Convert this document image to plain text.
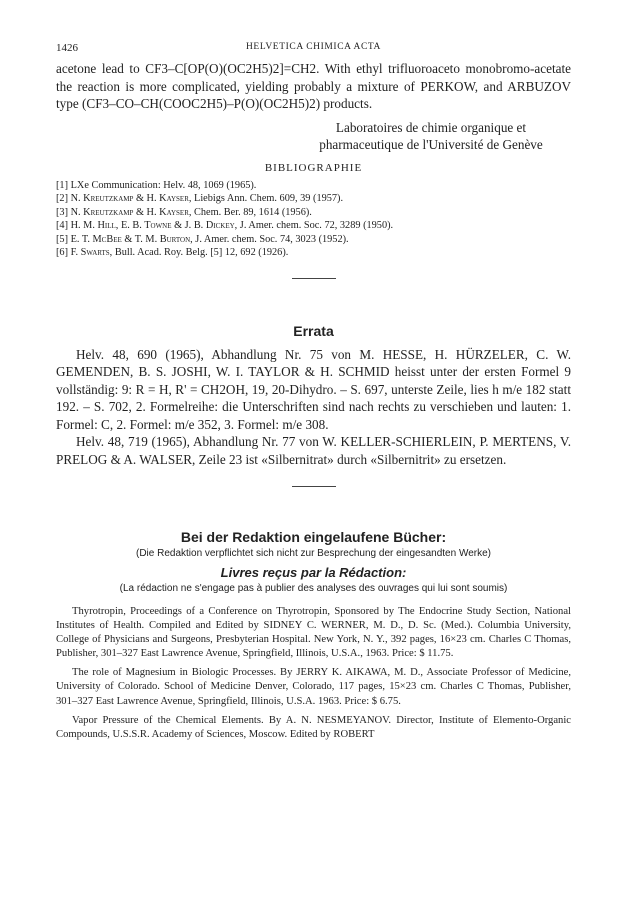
1426	HELVETICA CHIMICA ACTA

acetone lead to CF3–C[OP(O)(OC2H5)2]=CH2. With ethyl trifluoroaceto monobromo-acetate the reaction is more complicated, yielding probably a mixture of PERKOW, and ARBUZOV type (CF3–CO–CH(COOC2H5)–P(O)(OC2H5)2) products.

Laboratoires de chimie organique et
pharmaceutique de l'Université de Genève
BIBLIOGRAPHIE
[1] LXe Communication: Helv. 48, 1069 (1965).
[2] N. Kreutzkamp & H. Kayser, Liebigs Ann. Chem. 609, 39 (1957).
[3] N. Kreutzkamp & H. Kayser, Chem. Ber. 89, 1614 (1956).
[4] H. M. Hill, E. B. Towne & J. B. Dickey, J. Amer. chem. Soc. 72, 3289 (1950).
[5] E. T. McBee & T. M. Burton, J. Amer. chem. Soc. 74, 3023 (1952).
[6] F. Swarts, Bull. Acad. Roy. Belg. [5] 12, 692 (1926).
Errata

Helv. 48, 690 (1965), Abhandlung Nr. 75 von M. HESSE, H. HÜRZELER, C. W. GEMENDEN, B. S. JOSHI, W. I. TAYLOR & H. SCHMID heisst unter der ersten Formel 9 vollständig: 9: R = H, R' = CH2OH, 19, 20-Dihydro. – S. 697, unterste Zeile, lies h m/e 182 statt 192. – S. 702, 2. Formelreihe: die Unterschriften sind nach rechts zu verschieben und lauten: 1. Formel: C, 2. Formel: m/e 352, 3. Formel: m/e 308.

Helv. 48, 719 (1965), Abhandlung Nr. 77 von W. KELLER-SCHIERLEIN, P. MERTENS, V. PRELOG & A. WALSER, Zeile 23 ist «Silbernitrat» durch «Silbernitrit» zu ersetzen.

Bei der Redaktion eingelaufene Bücher:
(Die Redaktion verpflichtet sich nicht zur Besprechung der eingesandten Werke)
Livres reçus par la Rédaction:
(La rédaction ne s'engage pas à publier des analyses des ouvrages qui lui sont soumis)

Thyrotropin, Proceedings of a Conference on Thyrotropin, Sponsored by The Endocrine Study Section, National Institutes of Health. Compiled and Edited by SIDNEY C. WERNER, M. D., D. Sc. (Med.). Columbia University, College of Physicians and Surgeons, Presbyterian Hospital. New York, N. Y., 392 pages, 16×23 cm. Charles C Thomas, Publisher, 301–327 East Lawrence Avenue, Springfield, Illinois, U.S.A., 1963. Price: $ 11.75.

The role of Magnesium in Biologic Processes. By JERRY K. AIKAWA, M. D., Associate Professor of Medicine, University of Colorado. School of Medicine Denver, Colorado, 117 pages, 15×23 cm. Charles C Thomas, Publisher, 301–327 East Lawrence Avenue, Springfield, Illinois, U.S.A. 1963. Price: $ 6.75.

Vapor Pressure of the Chemical Elements. By A. N. NESMEYANOV. Director, Institute of Elemento-Organic Compounds, U.S.S.R. Academy of Sciences, Moscow. Edited by ROBERT
